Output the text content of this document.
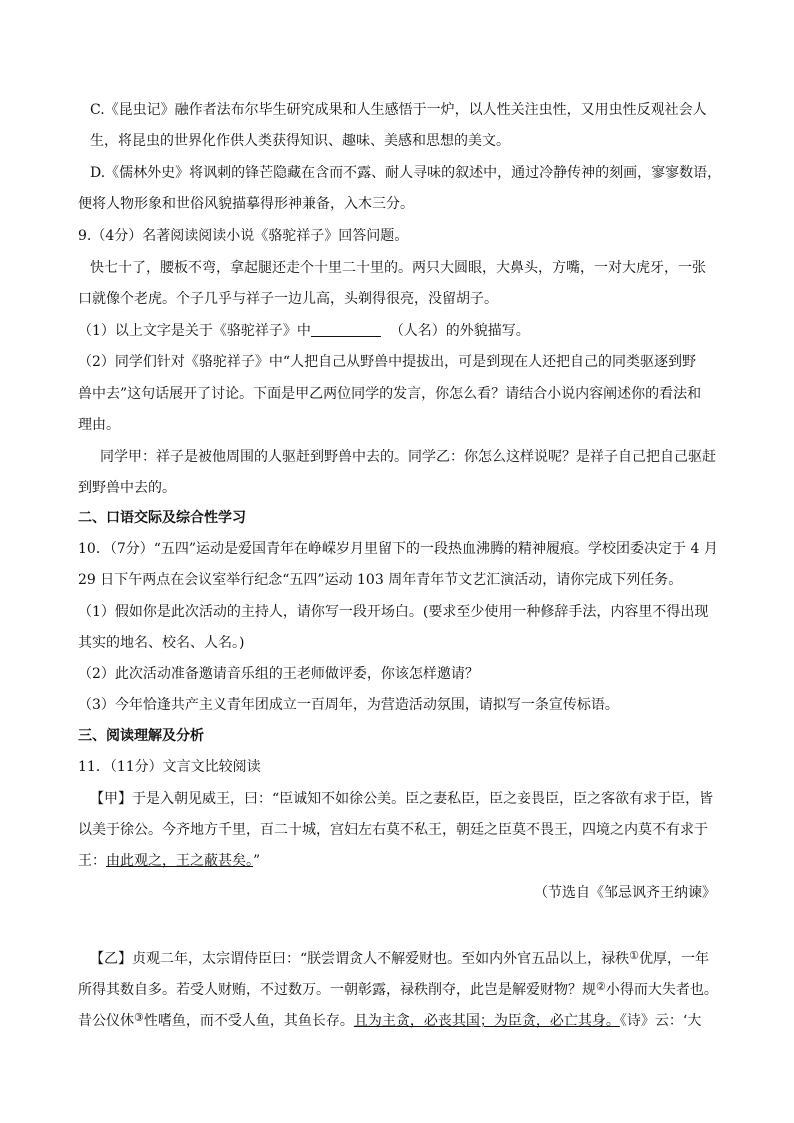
C.《昆虫记》融作者法布尔毕生研究成果和人生感悟于一炉，以人性关注虫性，又用虫性反观社会人
生，将昆虫的世界化作供人类获得知识、趣味、美感和思想的美文。
D.《儒林外史》将讽刺的锋芒隐藏在含而不露、耐人寻味的叙述中，通过冷静传神的刻画，寥寥数语，
便将人物形象和世俗风貌描摹得形神兼备，入木三分。
9.（4分）名著阅读阅读小说《骆驼祥子》回答问题。
快七十了，腰板不弯，拿起腿还走个十里二十里的。两只大圆眼，大鼻头，方嘴，一对大虎牙，一张
口就像个老虎。个子几乎与祥子一边儿高，头剃得很亮，没留胡子。
（1）以上文字是关于《骆驼祥子》中	（人名）的外貌描写。
（2）同学们针对《骆驼祥子》中“人把自己从野兽中提拔出，可是到现在人还把自己的同类驱逐到野
兽中去”这句话展开了讨论。下面是甲乙两位同学的发言，你怎么看？请结合小说内容阐述你的看法和
理由。
同学甲：祥子是被他周围的人驱赶到野兽中去的。同学乙：你怎么这样说呢？是祥子自己把自己驱赶
到野兽中去的。
二、口语交际及综合性学习
10．（7分）“五四”运动是爱国青年在峥嵘岁月里留下的一段热血沸腾的精神履痕。学校团委决定于 4 月
29 日下午两点在会议室举行纪念“五四”运动 103 周年青年节文艺汇演活动，请你完成下列任务。
（1）假如你是此次活动的主持人，请你写一段开场白。(要求至少使用一种修辞手法，内容里不得出现
其实的地名、校名、人名。)
（2）此次活动准备邀请音乐组的王老师做评委，你该怎样邀请？
（3）今年恰逢共产主义青年团成立一百周年，为营造活动氛围，请拟写一条宣传标语。
三、阅读理解及分析
11．（11分）文言文比较阅读
【甲】于是入朝见威王，曰：“臣诚知不如徐公美。臣之妻私臣，臣之妾畏臣，臣之客欲有求于臣，皆
以美于徐公。今齐地方千里，百二十城，宫妇左右莫不私王，朝廷之臣莫不畏王，四境之内莫不有求于
王：由此观之，王之蔽甚矣。”
（节选自《邹忌讽齐王纳谏》
【乙】贞观二年，太宗谓侍臣曰：“朕尝谓贪人不解爱财也。至如内外官五品以上，禄秩①优厚，一年
所得其数自多。若受人财贿，不过数万。一朝彰露，禄秩削夺，此岂是解爱财物？规②小得而大失者也。
昔公仪休③性嗜鱼，而不受人鱼，其鱼长存。且为主贪，必丧其国；为臣贪，必亡其身。《诗》云：‘大
